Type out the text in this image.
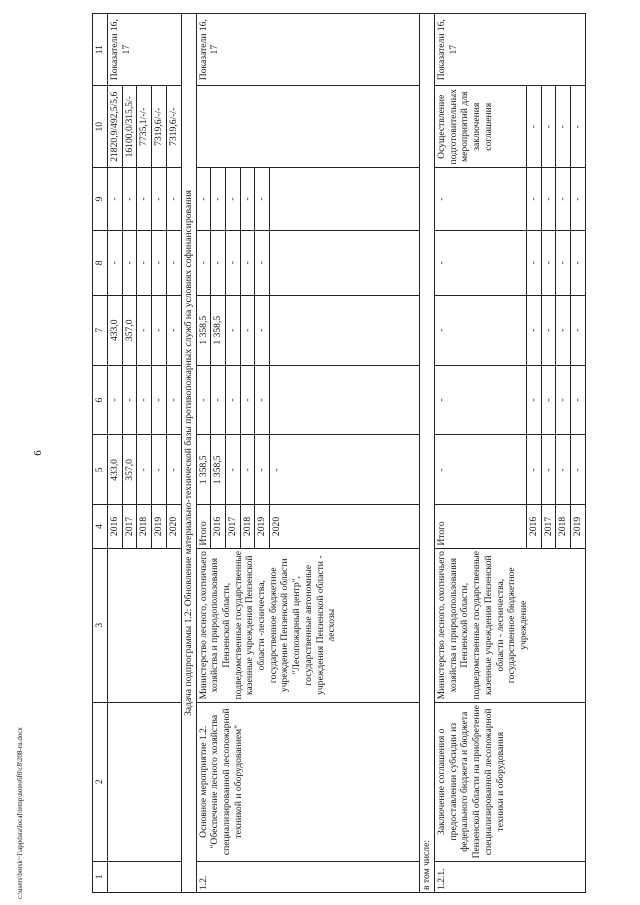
6
c:\users\borsk~1\appdata\local\temp\notes6f0\c8\208-ru.docx	1	2	3	4	5	6	7	8	9	10	11
			2016	433,0	-	433,0	-	-	21820,9/492,5/5,6	Показатели 16, 17
			2017	357,0	-	357,0	-	-	16100,0/315,5/-	
			2018	-	-	-	-	-	7735,1/-/-	
			2019	-	-	-	-	-	7319,6/-/-	
			2020	-	-	-	-	-	7319,6/-/-	
Задача подпрограммы 1.2: Обновление материально-технической базы противопожарных служб на условиях софинансирования										
1.2.	Основное мероприятие 1.2. "Обеспечение лесного хозяйства специализированной лесопожарной техникой и оборудованием"	Министерство лесного, охотничьего хозяйства и природопользования Пензенской области, подведомственные государственные казенные учреждения Пензенской области -лесничества, государственное бюджетное учреждение Пензенской области "Лесопожарный центр", государственные автономные учреждения Пензенской области - лесхозы	Итого	1 358,5	-	1 358,5	-	-		Показатели 16, 17
			2016	1 358,5	-	1 358,5	-	-		
			2017	-	-	-	-	-		
			2018	-	-	-	-	-		
			2019	-	-	-	-	-		
			2020	-						
в том числе:										
1.2.1.	Заключение соглашения о предоставлении субсидии из федерального бюджета и бюджета Пензенской области на приобретение специализированной лесопожарной техники и оборудования	Министерство лесного, охотничьего хозяйства и природопользования Пензенской области, подведомственные государственные казенные учреждения Пензенской области - лесничества, государственное бюджетное учреждение	Итого	-	-	-	-	-	Осуществление подготовительных мероприятий для заключения соглашения	Показатели 16, 17
			2016	-	-	-	-	-	-	
			2017	-	-	-	-	-	-	
			2018	-	-	-	-	-	-	
			2019	-	-	-	-	-	-	
